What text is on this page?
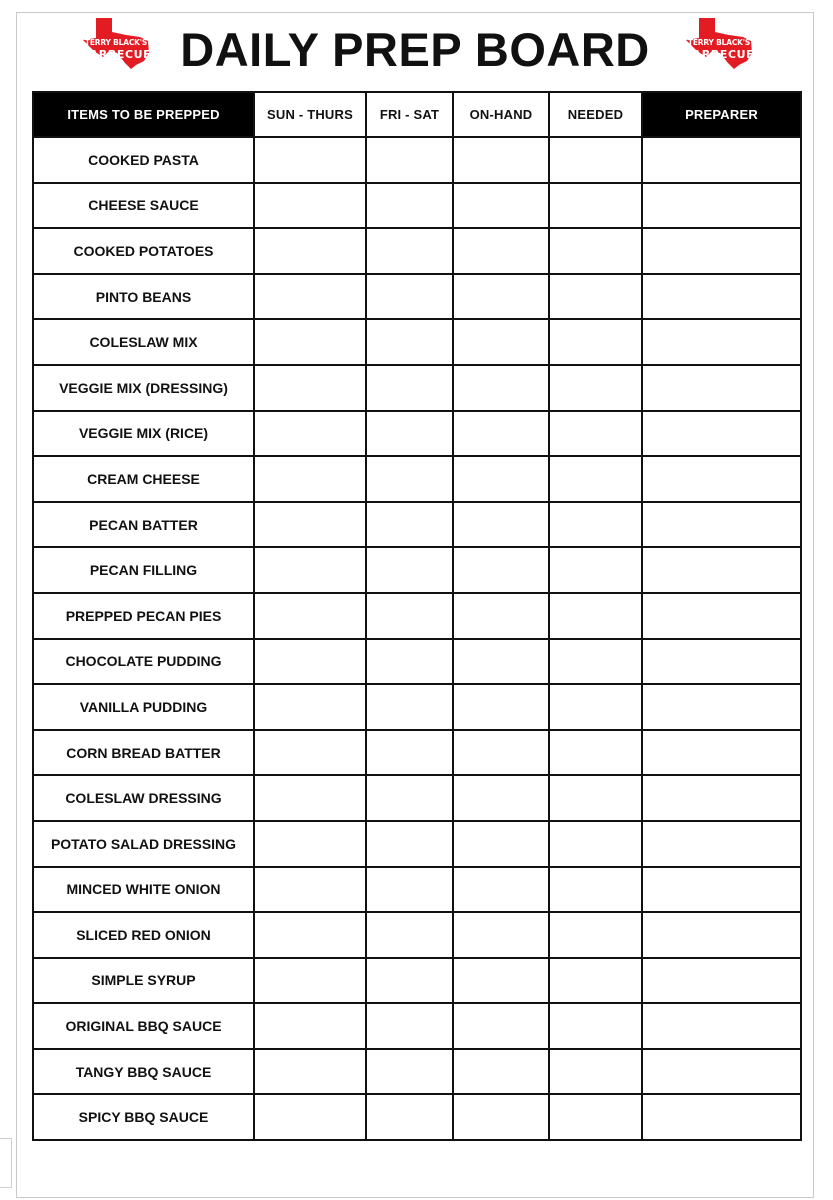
TERRY BLACK'S
BARBECUE DAILY PREP BOARD	TERRY BLACK'S
BARBECUE
ITEMS TO BE PREPPED	SUN - THURS	FRI - SAT	ON-HAND	NEEDED	PREPARER
COOKED PASTA					
CHEESE SAUCE					
COOKED POTATOES					
PINTO BEANS					
COLESLAW MIX					
VEGGIE MIX (DRESSING)					
VEGGIE MIX (RICE)					
CREAM CHEESE					
PECAN BATTER					
PECAN FILLING					
PREPPED PECAN PIES					
CHOCOLATE PUDDING					
VANILLA PUDDING					
CORN BREAD BATTER					
COLESLAW DRESSING					
POTATO SALAD DRESSING					
MINCED WHITE ONION					
SLICED RED ONION					
SIMPLE SYRUP					
ORIGINAL BBQ SAUCE					
TANGY BBQ SAUCE					
SPICY BBQ SAUCE					
